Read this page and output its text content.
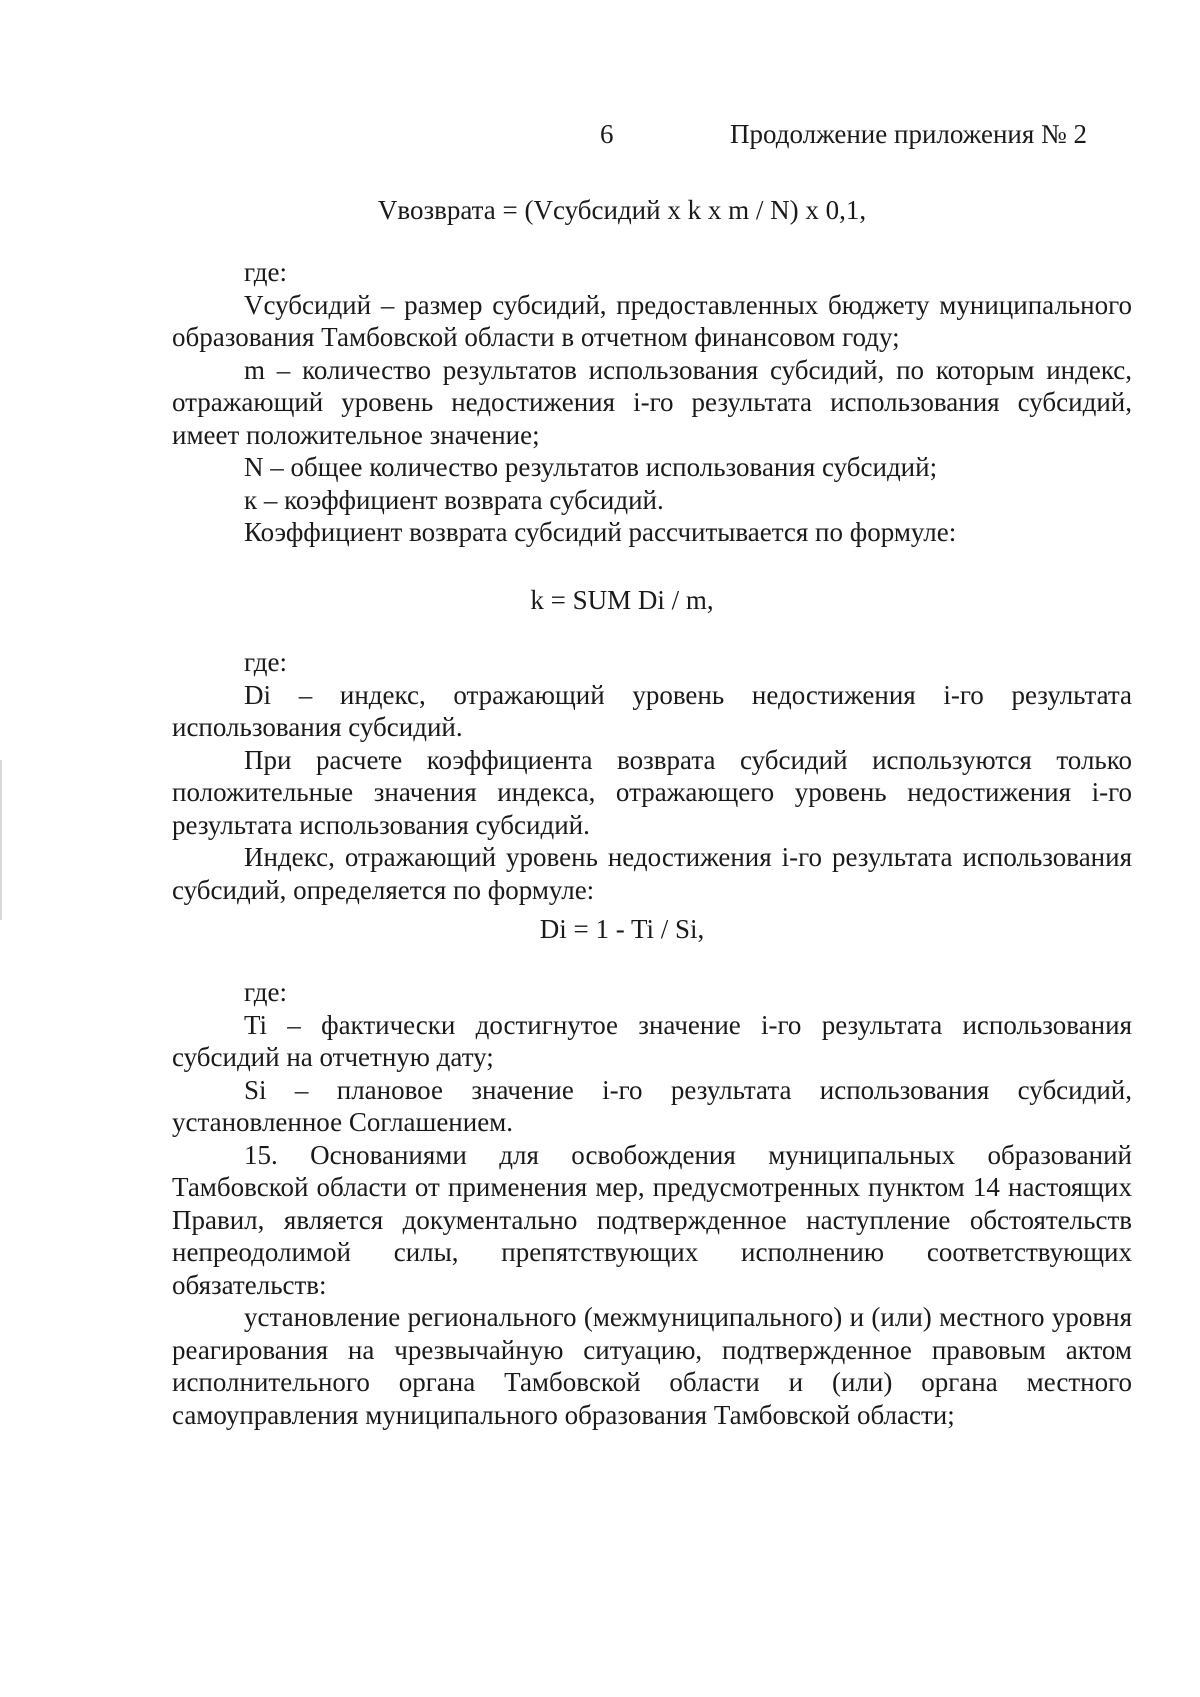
6	Продолжение приложения № 2
Vвозврата = (Vсубсидий x k x m / N) x 0,1,

где:

Vсубсидий – размер субсидий, предоставленных бюджету муниципального образования Тамбовской области в отчетном финансовом году;

m – количество результатов использования субсидий, по которым индекс, отражающий уровень недостижения i-го результата использования субсидий, имеет положительное значение;

N – общее количество результатов использования субсидий;

к – коэффициент возврата субсидий.

Коэффициент возврата субсидий рассчитывается по формуле:

k = SUM Di / m,

где:

Di – индекс, отражающий уровень недостижения i-го результата использования субсидий.

При расчете коэффициента возврата субсидий используются только положительные значения индекса, отражающего уровень недостижения i-го результата использования субсидий.

Индекс, отражающий уровень недостижения i-го результата использования субсидий, определяется по формуле:

Di = 1 - Ti / Si,

где:

Ti – фактически достигнутое значение i-го результата использования субсидий на отчетную дату;

Si – плановое значение i-го результата использования субсидий, установленное Соглашением.

15. Основаниями для освобождения муниципальных образований Тамбовской области от применения мер, предусмотренных пунктом 14 настоящих Правил, является документально подтвержденное наступление обстоятельств непреодолимой силы, препятствующих исполнению соответствующих обязательств:

установление регионального (межмуниципального) и (или) местного уровня реагирования на чрезвычайную ситуацию, подтвержденное правовым актом исполнительного органа Тамбовской области и (или) органа местного самоуправления муниципального образования Тамбовской области;
